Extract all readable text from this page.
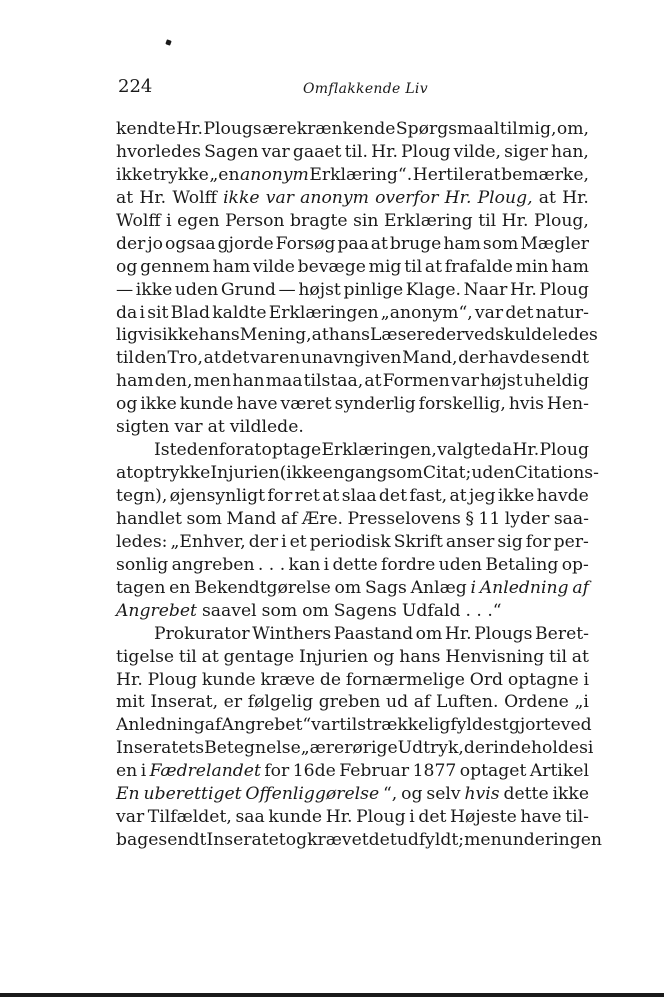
224	Omflakkende Liv
kendte Hr. Plougs ærekrænkende Spørgsmaal til mig, om,
hvorledes Sagen var gaaet til. Hr. Ploug vilde, siger han,
ikke trykke „en anonym Erklæring“. Hertil er at bemærke,
at Hr. Wolff ikke var anonym overfor Hr. Ploug, at Hr.
Wolff i egen Person bragte sin Erklæring til Hr. Ploug,
der jo ogsaa gjorde Forsøg paa at bruge ham som Mægler
og gennem ham vilde bevæge mig til at frafalde min ham
— ikke uden Grund — højst pinlige Klage. Naar Hr. Ploug
da i sit Blad kaldte Erklæringen „anonym“, var det natur-
ligvis ikke hans Mening, at hans Læsere derved skulde ledes
til den Tro, at det var en unavngiven Mand, der havde sendt
ham den, men han maa tilstaa, at Formen var højst uheldig
og ikke kunde have været synderlig forskellig, hvis Hen-
sigten var at vildlede.
Istedenfor at optage Erklæringen, valgte da Hr. Ploug
at optrykke Injurien (ikke engang som Citat; uden Citations-
tegn), øjensynligt for ret at slaa det fast, at jeg ikke havde
handlet som Mand af Ære. Presselovens § 11 lyder saa-
ledes: „Enhver, der i et periodisk Skrift anser sig for per-
sonlig angreben . . . kan i dette fordre uden Betaling op-
tagen en Bekendtgørelse om Sags Anlæg i Anledning af
Angrebet saavel som om Sagens Udfald . . .“
Prokurator Winthers Paastand om Hr. Plougs Beret-
tigelse til at gentage Injurien og hans Henvisning til at
Hr. Ploug kunde kræve de fornærmelige Ord optagne i
mit Inserat, er følgelig greben ud af Luften. Ordene „i
Anledning af Angrebet“ var tilstrækkelig fyldestgjorte ved
Inseratets Betegnelse „ærerørige Udtryk, der indeholdes i
en i Fædrelandet for 16de Februar 1877 optaget Artikel
En uberettiget Offenliggørelse “, og selv hvis dette ikke
var Tilfældet, saa kunde Hr. Ploug i det Højeste have til-
bagesendt Inseratet og krævet det udfyldt; men under ingen
